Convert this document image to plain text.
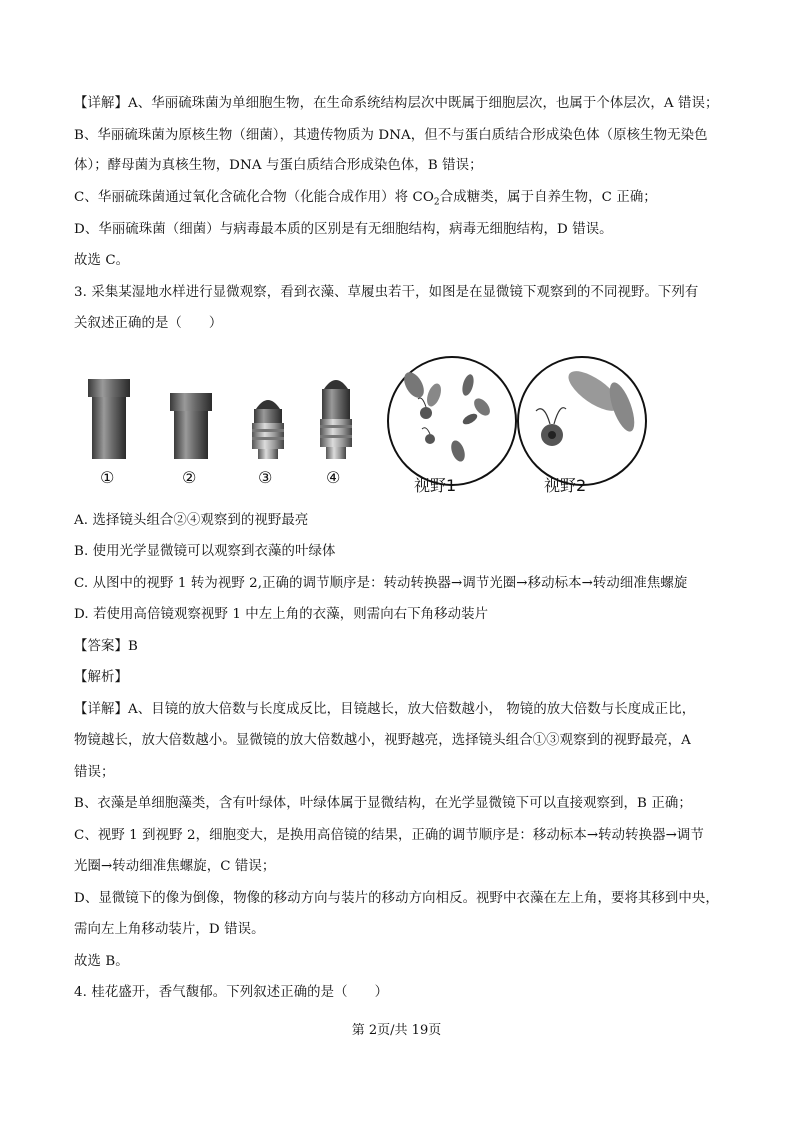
【详解】A、华丽硫珠菌为单细胞生物，在生命系统结构层次中既属于细胞层次，也属于个体层次，A 错误；
B、华丽硫珠菌为原核生物（细菌），其遗传物质为 DNA，但不与蛋白质结合形成染色体（原核生物无染色
体）；酵母菌为真核生物，DNA 与蛋白质结合形成染色体，B 错误；
C、华丽硫珠菌通过氧化含硫化合物（化能合成作用）将 $CO_2$合成糖类，属于自养生物，C 正确；
D、华丽硫珠菌（细菌）与病毒最本质的区别是有无细胞结构，病毒无细胞结构，D 错误。
故选 C。
3. 采集某湿地水样进行显微观察，看到衣藻、草履虫若干，如图是在显微镜下观察到的不同视野。下列有
关叙述正确的是（　　）
①	②	③	④	视野1	视野2
A. 选择镜头组合②④观察到的视野最亮
B. 使用光学显微镜可以观察到衣藻的叶绿体
C. 从图中的视野 1 转为视野 2,正确的调节顺序是：转动转换器→调节光圈→移动标本→转动细准焦螺旋
D. 若使用高倍镜观察视野 1 中左上角的衣藻，则需向右下角移动装片
【答案】B
【解析】
【详解】A、目镜的放大倍数与长度成反比，目镜越长，放大倍数越小， 物镜的放大倍数与长度成正比，
物镜越长，放大倍数越小。显微镜的放大倍数越小，视野越亮，选择镜头组合①③观察到的视野最亮，A
错误；
B、衣藻是单细胞藻类，含有叶绿体，叶绿体属于显微结构，在光学显微镜下可以直接观察到，B 正确；
C、视野 1 到视野 2，细胞变大，是换用高倍镜的结果，正确的调节顺序是：移动标本→转动转换器→调节
光圈→转动细准焦螺旋，C 错误；
D、显微镜下的像为倒像，物像的移动方向与装片的移动方向相反。视野中衣藻在左上角，要将其移到中央，
需向左上角移动装片，D 错误。
故选 B。
4. 桂花盛开，香气馥郁。下列叙述正确的是（　　）
第 2页/共 19页
